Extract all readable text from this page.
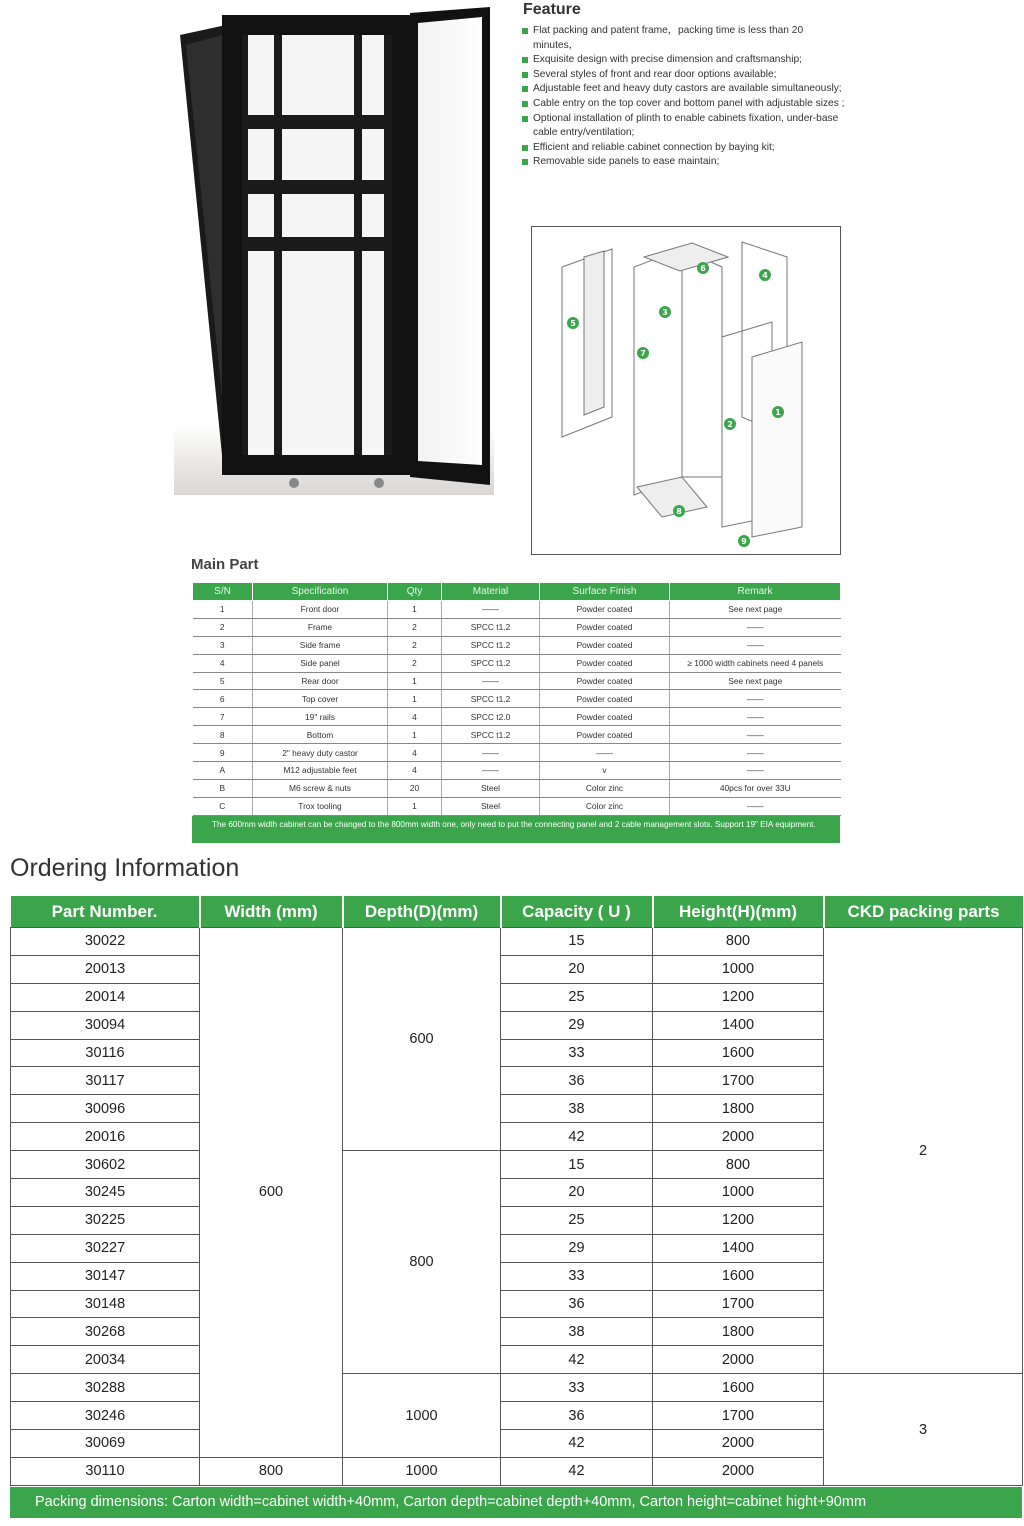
Feature
Flat packing and patent frame，packing time is less than 20 minutes，
Exquisite design with precise dimension and craftsmanship;
Several styles of front and rear door options available;
Adjustable feet and heavy duty castors are available simultaneously;
Cable entry on the top cover and bottom panel with adjustable sizes ;
Optional installation of plinth to enable cabinets fixation, under-base cable entry/ventilation;
Efficient and reliable cabinet connection by baying kit;
Removable side panels to ease maintain;
1
2
3
4
5
6
7
8
9
Main Part
S/N	Specification	Qty	Material	Surface Finish	Remark
1	Front door	1	——	Powder coated	See next page
2	Frame	2	SPCC t1.2	Powder coated	——
3	Side frame	2	SPCC t1.2	Powder coated	——
4	Side panel	2	SPCC t1.2	Powder coated	≥ 1000 width cabinets need 4 panels
5	Rear door	1	——	Powder coated	See next page
6	Top cover	1	SPCC t1.2	Powder coated	——
7	19" rails	4	SPCC t2.0	Powder coated	——
8	Bottom	1	SPCC t1.2	Powder coated	——
9	2" heavy duty castor	4	——	——	——
A	M12 adjustable feet	4	——	v	——
B	M6 screw & nuts	20	Steel	Color zinc	40pcs for over 33U
C	Trox tooling	1	Steel	Color zinc	——
The 600mm width cabinet can be changed to the 800mm width one, only need to put the connecting panel and 2 cable management slots. Support 19" EIA equipment.
Ordering Information
Part Number.	Width (mm)	Depth(D)(mm)	Capacity ( U )	Height(H)(mm)	CKD packing parts
30022	600	600	15	800	2
20013			20	1000	
20014			25	1200	
30094			29	1400	
30116			33	1600	
30117			36	1700	
30096			38	1800	
20016			42	2000	
30602		800	15	800	
30245			20	1000	
30225			25	1200	
30227			29	1400	
30147			33	1600	
30148			36	1700	
30268			38	1800	
20034			42	2000	
30288		1000	33	1600	3
30246			36	1700	
30069			42	2000	
30110	800	1000	42	2000	
Packing dimensions: Carton width=cabinet width+40mm, Carton depth=cabinet depth+40mm, Carton height=cabinet hight+90mm
